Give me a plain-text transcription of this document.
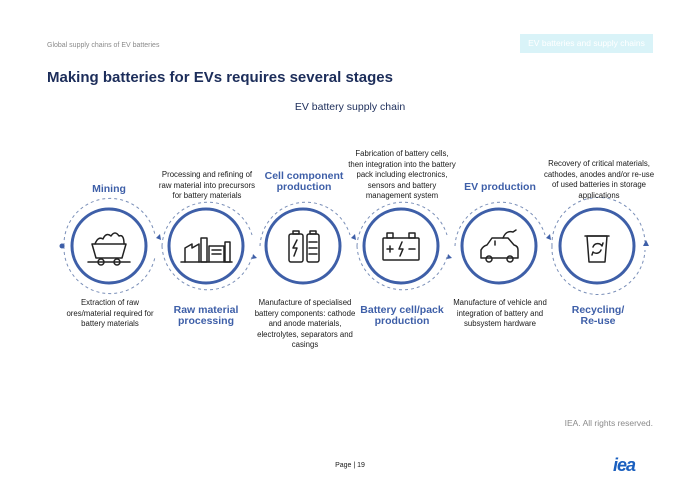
Global supply chains of EV batteries	EV batteries and supply chains
Making batteries for EVs requires several stages
EV battery supply chain
Mining
Raw material processing
Cell component production
Battery cell/pack production
EV production
Recycling/ Re-use
Extraction of raw ores/material required for battery materials
Processing and refining of raw material into precursors for battery materials
Manufacture of specialised battery components: cathode and anode materials, electrolytes, separators and casings
Fabrication of battery cells, then integration into the battery pack including electronics, sensors and battery management system
Manufacture of vehicle and integration of battery and subsystem hardware
Recovery of critical materials, cathodes, anodes and/or re-use of used batteries in storage applications
IEA. All rights reserved.
Page | 19	iea
